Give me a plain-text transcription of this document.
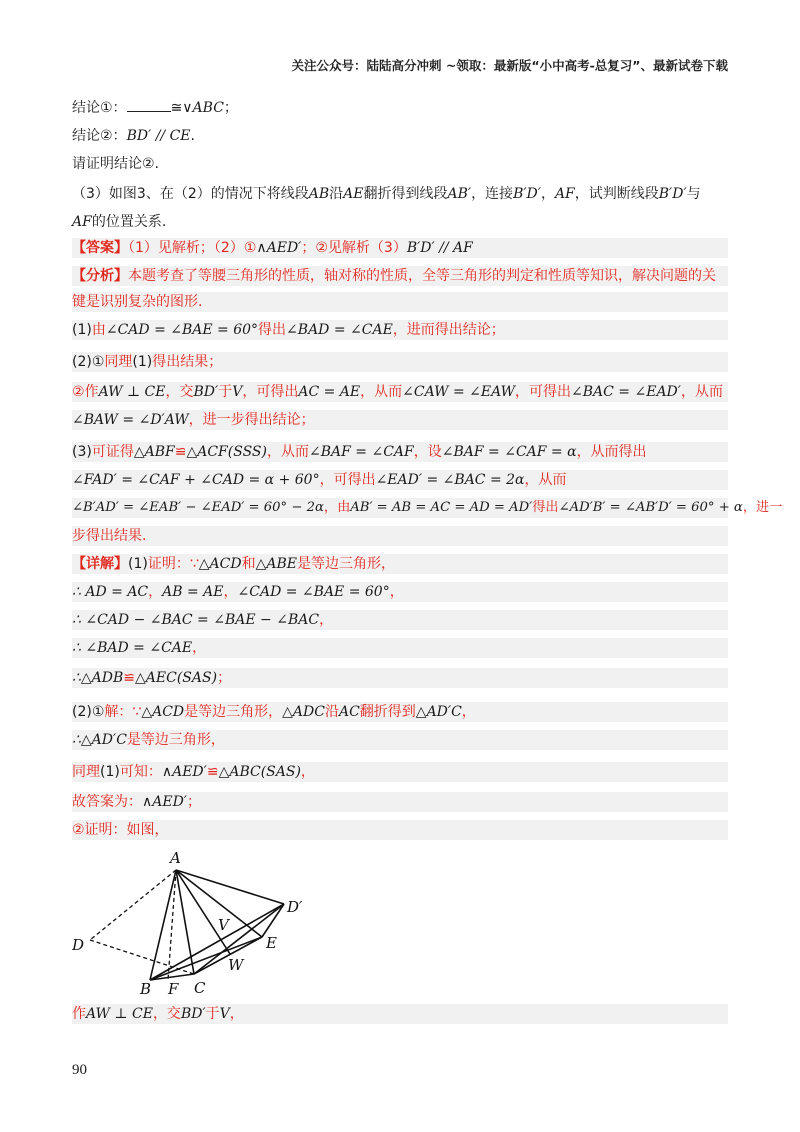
关注公众号：陆陆高分冲刺 ~领取：最新版“小中高考-总复习”、最新试卷下载
结论①：	≅∨ABC；
结论②：BD′ // CE.
请证明结论②.
（3）如图3、在（2）的情况下将线段AB沿AE翻折得到线段AB′，连接B′D′，AF，试判断线段B′D′与
AF的位置关系.
【答案】（1）见解析；（2）①∧AED′；②见解析（3）B′D′ // AF
【分析】本题考查了等腰三角形的性质，轴对称的性质，全等三角形的判定和性质等知识，解决问题的关
键是识别复杂的图形.
(1)由∠CAD = ∠BAE = 60°得出∠BAD = ∠CAE，进而得出结论；
(2)①同理(1)得出结果；
②作AW ⊥ CE，交BD′于V，可得出AC = AE，从而∠CAW = ∠EAW，可得出∠BAC = ∠EAD′，从而
∠BAW = ∠D′AW，进一步得出结论；
(3)可证得△ABF≌△ACF(SSS)，从而∠BAF = ∠CAF，设∠BAF = ∠CAF = α，从而得出
∠FAD′ = ∠CAF + ∠CAD = α + 60°，可得出∠EAD′ = ∠BAC = 2α，从而
∠B′AD′ = ∠EAB′ − ∠EAD′ = 60° − 2α，由AB′ = AB = AC = AD = AD′得出∠AD′B′ = ∠AB′D′ = 60° + α，进一
步得出结果.
【详解】(1)证明：∵△ACD和△ABE是等边三角形，
∴ AD = AC，AB = AE，∠CAD = ∠BAE = 60°，
∴ ∠CAD − ∠BAC = ∠BAE − ∠BAC，
∴ ∠BAD = ∠CAE，
∴△ADB≌△AEC(SAS)；
(2)①解：∵△ACD是等边三角形，△ADC沿AC翻折得到△AD′C，
∴△AD′C是等边三角形，
同理(1)可知：∧AED′≌△ABC(SAS)，
故答案为：∧AED′；
②证明：如图，
A
D′
D
V
E
W
B F C
作AW ⊥ CE，交BD′于V，
90
